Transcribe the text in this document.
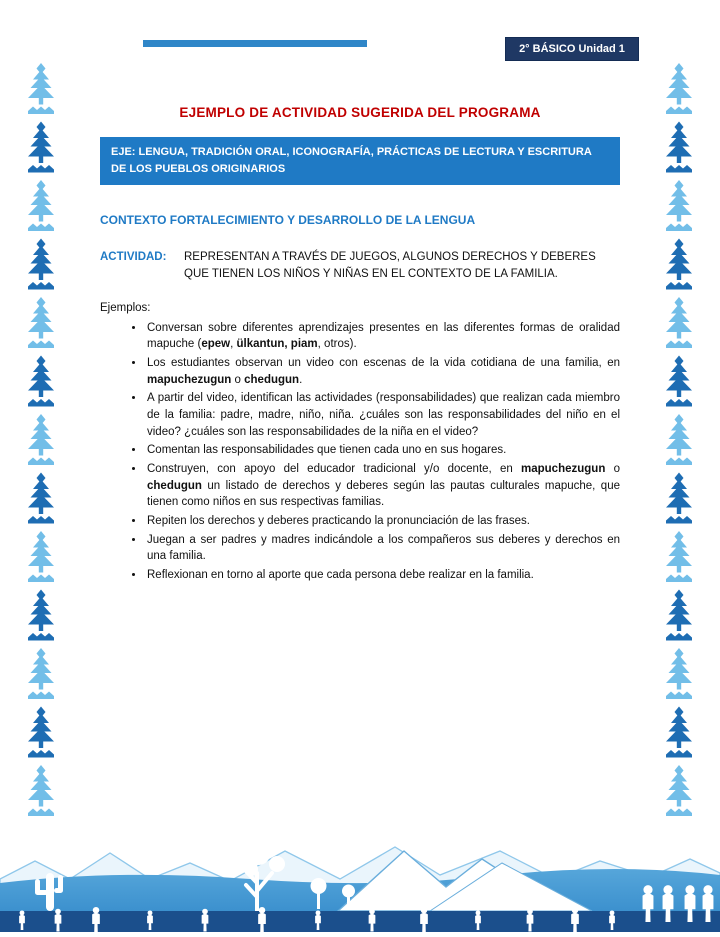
2° BÁSICO Unidad 1
EJEMPLO DE ACTIVIDAD SUGERIDA DEL PROGRAMA
EJE: LENGUA, TRADICIÓN ORAL, ICONOGRAFÍA, PRÁCTICAS DE LECTURA Y ESCRITURA DE LOS PUEBLOS ORIGINARIOS
CONTEXTO FORTALECIMIENTO Y DESARROLLO DE LA LENGUA
ACTIVIDAD:	REPRESENTAN A TRAVÉS DE JUEGOS, ALGUNOS DERECHOS Y DEBERES QUE TIENEN LOS NIÑOS Y NIÑAS EN EL CONTEXTO DE LA FAMILIA.

Ejemplos:

• Conversan sobre diferentes aprendizajes presentes en las diferentes formas de oralidad mapuche (epew, ülkantun, piam, otros).
• Los estudiantes observan un video con escenas de la vida cotidiana de una familia, en mapuchezugun o chedugun.
• A partir del video, identifican las actividades (responsabilidades) que realizan cada miembro de la familia: padre, madre, niño, niña. ¿cuáles son las responsabilidades del niño en el video? ¿cuáles son las responsabilidades de la niña en el video?
• Comentan las responsabilidades que tienen cada uno en sus hogares.
• Construyen, con apoyo del educador tradicional y/o docente, en mapuchezugun o chedugun un listado de derechos y deberes según las pautas culturales mapuche, que tienen como niños en sus respectivas familias.
• Repiten los derechos y deberes practicando la pronunciación de las frases.
• Juegan a ser padres y madres indicándole a los compañeros sus deberes y derechos en una familia.
• Reflexionan en torno al aporte que cada persona debe realizar en la familia.
